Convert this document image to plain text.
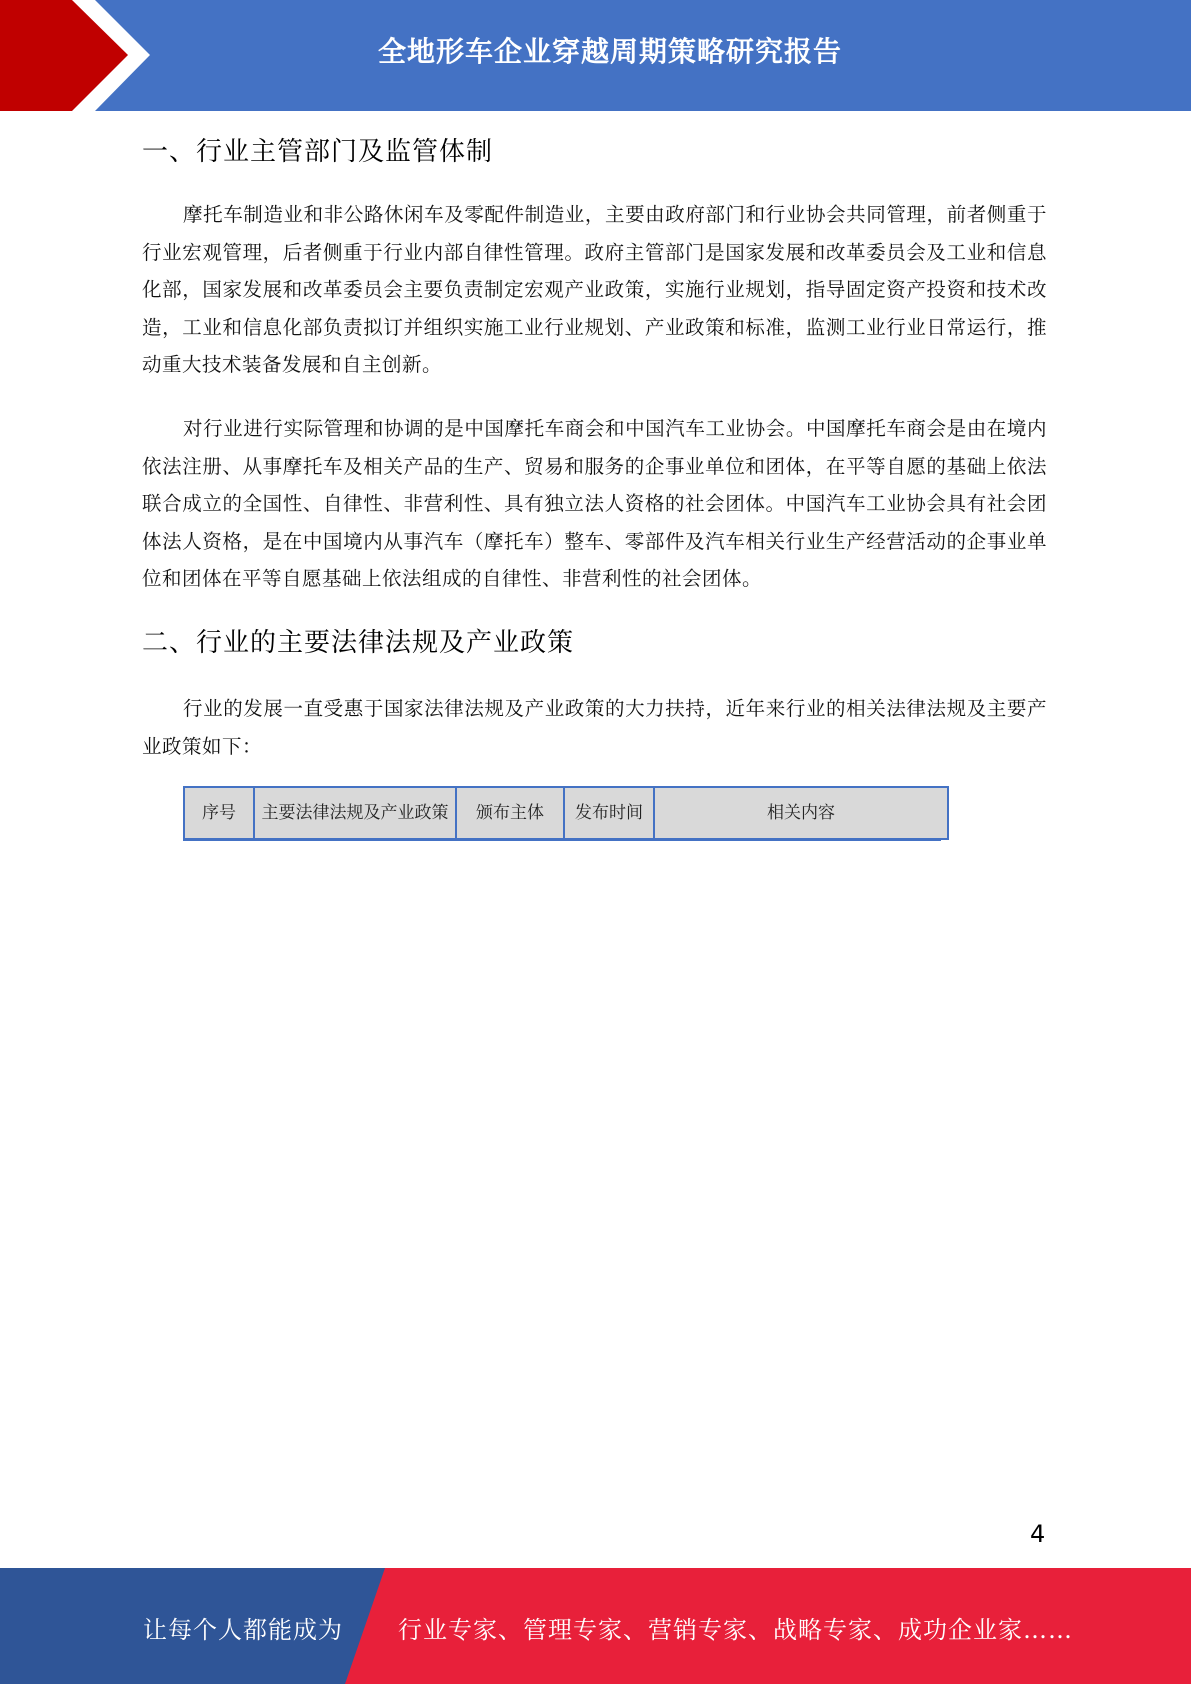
全地形车企业穿越周期策略研究报告
一、行业主管部门及监管体制
摩托车制造业和非公路休闲车及零配件制造业，主要由政府部门和行业协会共同管理，前者侧重于行业宏观管理，后者侧重于行业内部自律性管理。政府主管部门是国家发展和改革委员会及工业和信息化部，国家发展和改革委员会主要负责制定宏观产业政策，实施行业规划，指导固定资产投资和技术改造，工业和信息化部负责拟订并组织实施工业行业规划、产业政策和标准，监测工业行业日常运行，推动重大技术装备发展和自主创新。
对行业进行实际管理和协调的是中国摩托车商会和中国汽车工业协会。中国摩托车商会是由在境内依法注册、从事摩托车及相关产品的生产、贸易和服务的企事业单位和团体，在平等自愿的基础上依法联合成立的全国性、自律性、非营利性、具有独立法人资格的社会团体。中国汽车工业协会具有社会团体法人资格，是在中国境内从事汽车（摩托车）整车、零部件及汽车相关行业生产经营活动的企事业单位和团体在平等自愿基础上依法组成的自律性、非营利性的社会团体。
二、行业的主要法律法规及产业政策
行业的发展一直受惠于国家法律法规及产业政策的大力扶持，近年来行业的相关法律法规及主要产业政策如下：
序号	主要法律法规及产业政策	颁布主体	发布时间	相关内容
4
让每个人都能成为 行业专家、管理专家、营销专家、战略专家、成功企业家……
